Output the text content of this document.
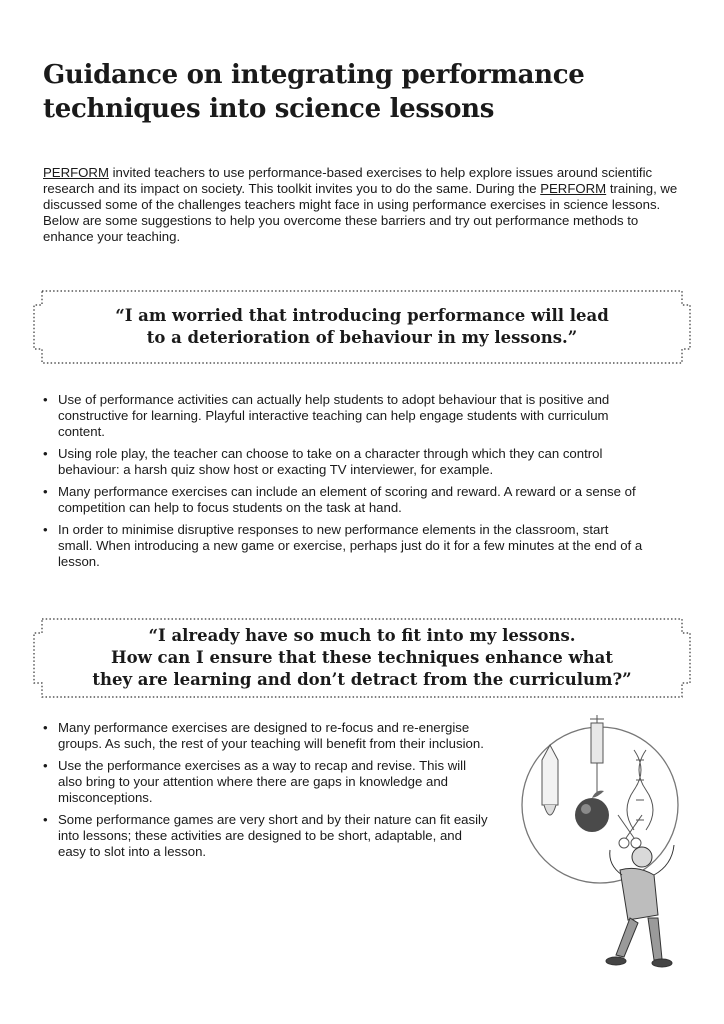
Guidance on integrating performance
techniques into science lessons

PERFORM invited teachers to use performance-based exercises to help explore issues around scientific research and its impact on society. This toolkit invites you to do the same. During the PERFORM training, we discussed some of the challenges teachers might face in using performance exercises in science lessons. Below are some suggestions to help you overcome these barriers and try out performance methods to enhance your teaching.

“I am worried that introducing performance will lead
to a deterioration of behaviour in my lessons.”

• Use of performance activities can actually help students to adopt behaviour that is positive and constructive for learning. Playful interactive teaching can help engage students with curriculum content.
• Using role play, the teacher can choose to take on a character through which they can control behaviour: a harsh quiz show host or exacting TV interviewer, for example.
• Many performance exercises can include an element of scoring and reward. A reward or a sense of competition can help to focus students on the task at hand.
• In order to minimise disruptive responses to new performance elements in the classroom, start small. When introducing a new game or exercise, perhaps just do it for a few minutes at the end of a lesson.

“I already have so much to fit into my lessons.
How can I ensure that these techniques enhance what
they are learning and don’t detract from the curriculum?”

• Many performance exercises are designed to re-focus and re-energise groups. As such, the rest of your teaching will benefit from their inclusion.
• Use the performance exercises as a way to recap and revise. This will also bring to your attention where there are gaps in knowledge and misconceptions.
• Some performance games are very short and by their nature can fit easily into lessons; these activities are designed to be short, adaptable, and easy to slot into a lesson.
